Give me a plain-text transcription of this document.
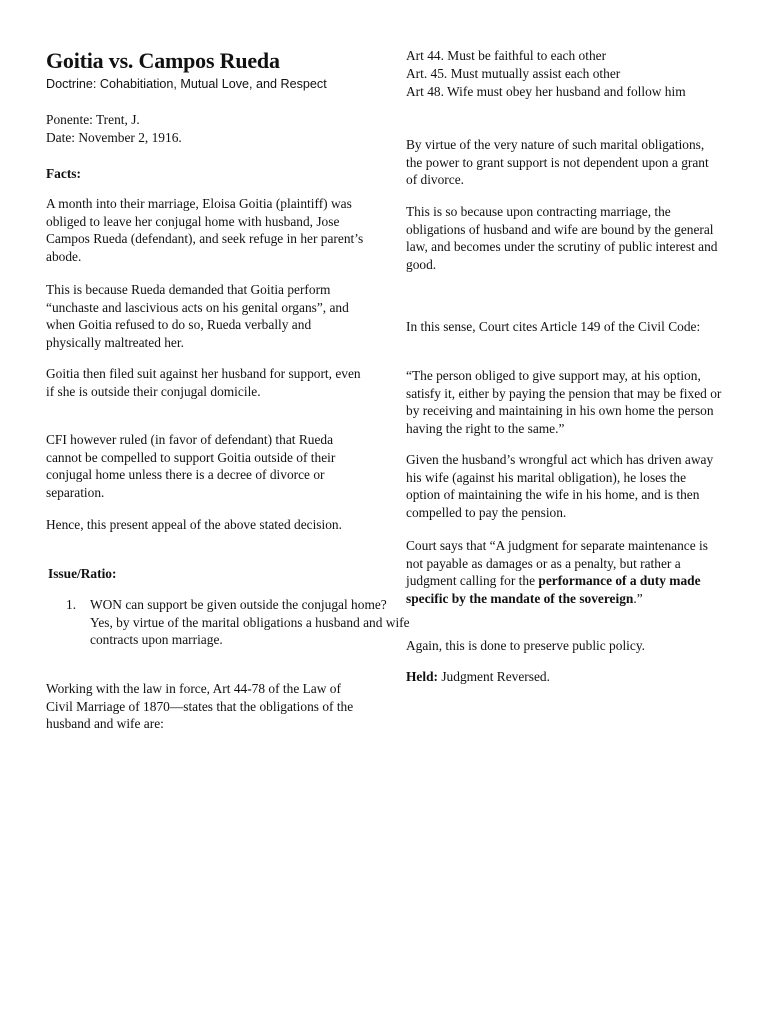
Goitia vs. Campos Rueda

Doctrine: Cohabitiation, Mutual Love, and Respect

Ponente: Trent, J.

Date: November 2, 1916.

Facts:

A month into their marriage, Eloisa Goitia (plaintiff) was obliged to leave her conjugal home with husband, Jose Campos Rueda (defendant), and seek refuge in her parent’s abode.

This is because Rueda demanded that Goitia perform “unchaste and lascivious acts on his genital organs”, and when Goitia refused to do so, Rueda verbally and physically maltreated her.

Goitia then filed suit against her husband for support, even if she is outside their conjugal domicile.

CFI however ruled (in favor of defendant) that Rueda cannot be compelled to support Goitia outside of their conjugal home unless there is a decree of divorce or separation.

Hence, this present appeal of the above stated decision.

Issue/Ratio:

1.	WON can support be given outside the conjugal home? Yes, by virtue of the marital obligations a husband and wife contracts upon marriage.

Working with the law in force, Art 44-78 of the Law of Civil Marriage of 1870—states that the obligations of the husband and wife are:

Art 44. Must be faithful to each other

Art. 45. Must mutually assist each other

Art 48. Wife must obey her husband and follow him

By virtue of the very nature of such marital obligations, the power to grant support is not dependent upon a grant of divorce.

This is so because upon contracting marriage, the obligations of husband and wife are bound by the general law, and becomes under the scrutiny of public interest and good.

In this sense, Court cites Article 149 of the Civil Code:

“The person obliged to give support may, at his option, satisfy it, either by paying the pension that may be fixed or by receiving and maintaining in his own home the person having the right to the same.”

Given the husband’s wrongful act which has driven away his wife (against his marital obligation), he loses the option of maintaining the wife in his home, and is then compelled to pay the pension.

Court says that “A judgment for separate maintenance is not payable as damages or as a penalty, but rather a judgment calling for the performance of a duty made specific by the mandate of the sovereign.”

Again, this is done to preserve public policy.

Held: Judgment Reversed.
